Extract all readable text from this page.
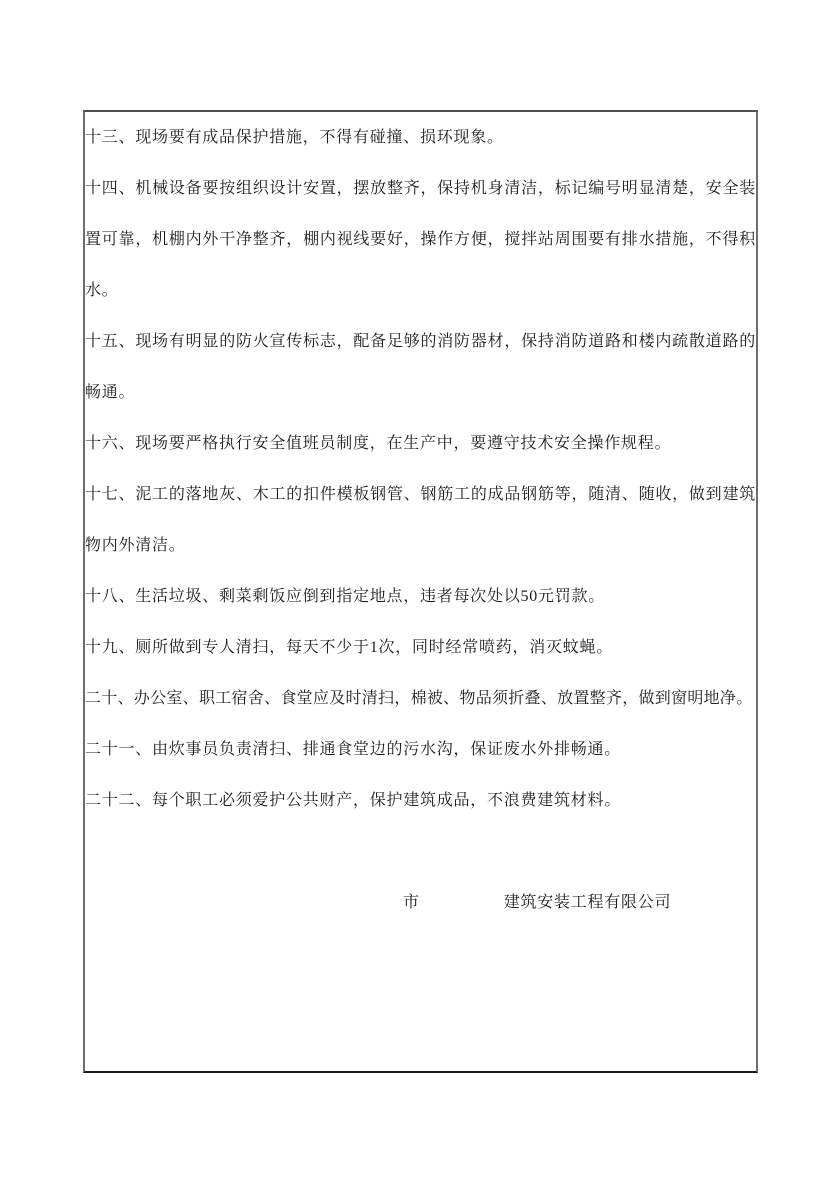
十三、现场要有成品保护措施，不得有碰撞、损环现象。

十四、机械设备要按组织设计安置，摆放整齐，保持机身清洁，标记编号明显清楚，安全装置可靠，机棚内外干净整齐，棚内视线要好，操作方便，搅拌站周围要有排水措施，不得积水。

十五、现场有明显的防火宣传标志，配备足够的消防器材，保持消防道路和楼内疏散道路的畅通。

十六、现场要严格执行安全值班员制度，在生产中，要遵守技术安全操作规程。

十七、泥工的落地灰、木工的扣件模板钢管、钢筋工的成品钢筋等，随清、随收，做到建筑物内外清洁。

十八、生活垃圾、剩菜剩饭应倒到指定地点，违者每次处以50元罚款。

十九、厕所做到专人清扫，每天不少于1次，同时经常喷药，消灭蚊蝇。

二十、办公室、职工宿舍、食堂应及时清扫，棉被、物品须折叠、放置整齐，做到窗明地净。

二十一、由炊事员负责清扫、排通食堂边的污水沟，保证废水外排畅通。

二十二、每个职工必须爱护公共财产，保护建筑成品，不浪费建筑材料。

市	建筑安装工程有限公司
